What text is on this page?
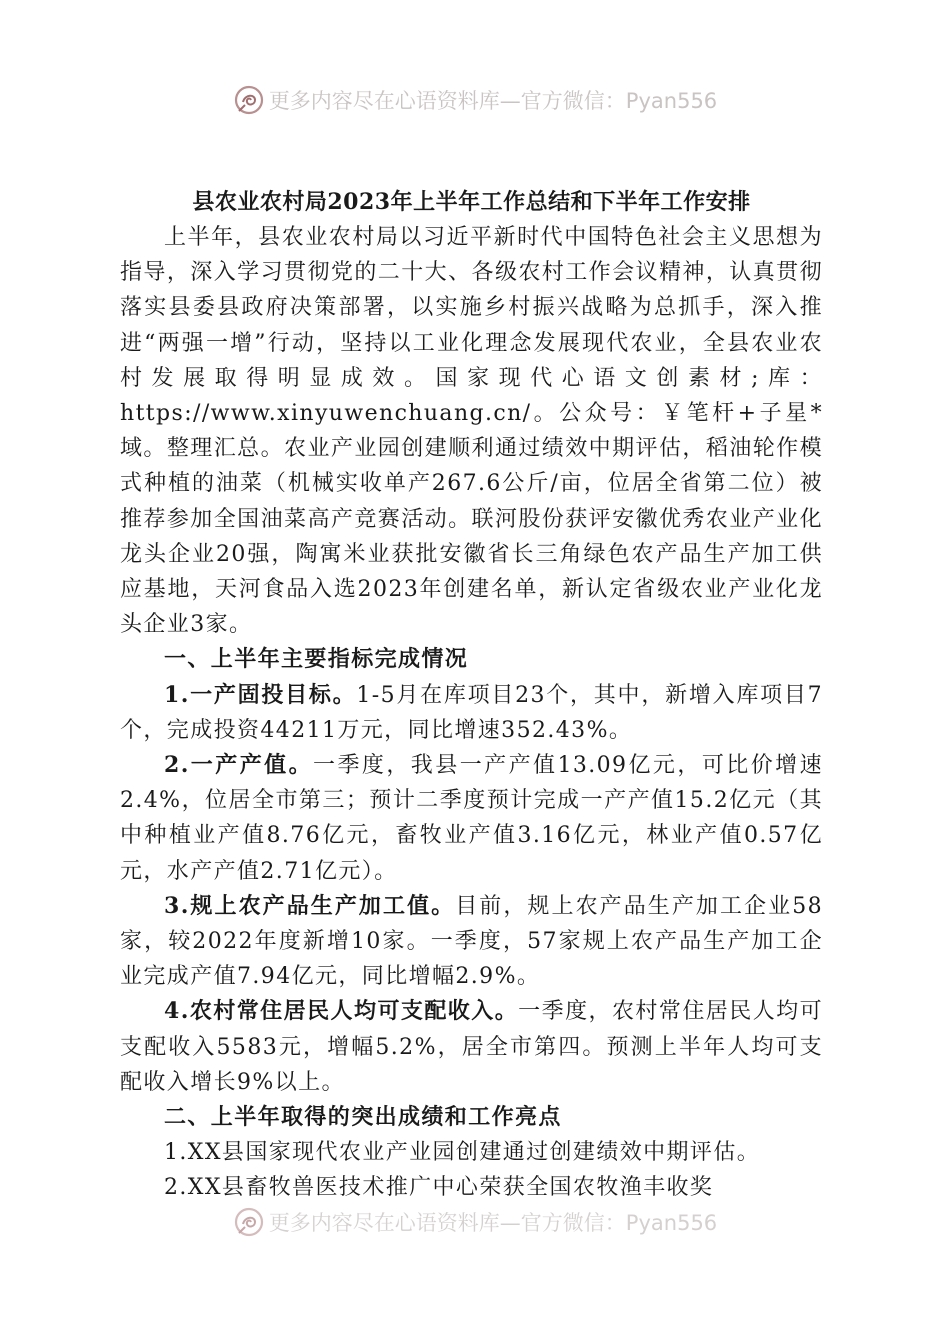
更多内容尽在心语资料库—官方微信：Pyan556
县农业农村局2023年上半年工作总结和下半年工作安排

上半年，县农业农村局以习近平新时代中国特色社会主义思想为指导，深入学习贯彻党的二十大、各级农村工作会议精神，认真贯彻落实县委县政府决策部署，以实施乡村振兴战略为总抓手，深入推进“两强一增”行动，坚持以工业化理念发展现代农业，全县农业农村发展取得明显成效。国家现代心语文创素材;库：https://www.xinyuwenchuang.cn/。公众号：￥笔杆+子星*域。整理汇总。农业产业园创建顺利通过绩效中期评估，稻油轮作模式种植的油菜（机械实收单产267.6公斤/亩，位居全省第二位）被推荐参加全国油菜高产竞赛活动。联河股份获评安徽优秀农业产业化龙头企业20强，陶寓米业获批安徽省长三角绿色农产品生产加工供应基地，天河食品入选2023年创建名单，新认定省级农业产业化龙头企业3家。

一、上半年主要指标完成情况

1.一产固投目标。1-5月在库项目23个，其中，新增入库项目7个，完成投资44211万元，同比增速352.43%。

2.一产产值。一季度，我县一产产值13.09亿元，可比价增速2.4%，位居全市第三；预计二季度预计完成一产产值15.2亿元（其中种植业产值8.76亿元，畜牧业产值3.16亿元，林业产值0.57亿元，水产产值2.71亿元）。

3.规上农产品生产加工值。目前，规上农产品生产加工企业58家，较2022年度新增10家。一季度，57家规上农产品生产加工企业完成产值7.94亿元，同比增幅2.9%。

4.农村常住居民人均可支配收入。一季度，农村常住居民人均可支配收入5583元，增幅5.2%，居全市第四。预测上半年人均可支配收入增长9%以上。

二、上半年取得的突出成绩和工作亮点

1.XX县国家现代农业产业园创建通过创建绩效中期评估。

2.XX县畜牧兽医技术推广中心荣获全国农牧渔丰收奖

更多内容尽在心语资料库—官方微信：Pyan556
